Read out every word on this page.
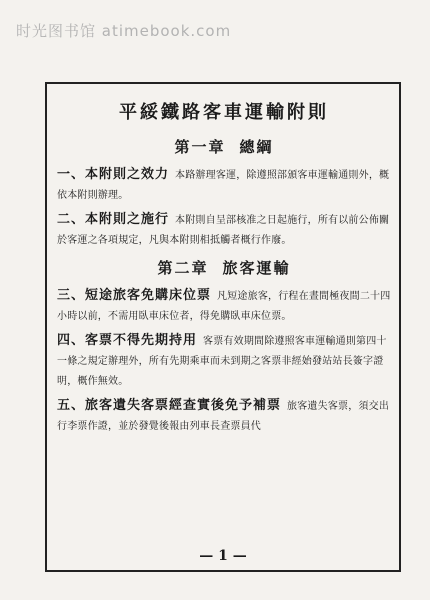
时光图书馆 atimebook.com
平綏鐵路客車運輸附則
第一章 總綱
一、本附則之效力 本路辦理客運，除遵照部頒客車運輸通則外，概依本附則辦理。
二、本附則之施行 本附則自呈部核准之日起施行，所有以前公佈關於客運之各項規定，凡與本附則相抵觸者概行作廢。
第二章 旅客運輸
三、短途旅客免購床位票 凡短途旅客，行程在晝間極夜間二十四小時以前，不需用臥車床位者，得免購臥車床位票。
四、客票不得先期持用 客票有效期間除遵照客車運輸通則第四十一條之規定辦理外，所有先期乘車而未到期之客票非經始發站站長簽字證明，概作無效。
五、旅客遺失客票經查實後免予補票 旅客遺失客票，須交出行李票作證，並於發覺後報由列車長查票員代
— 1 —
